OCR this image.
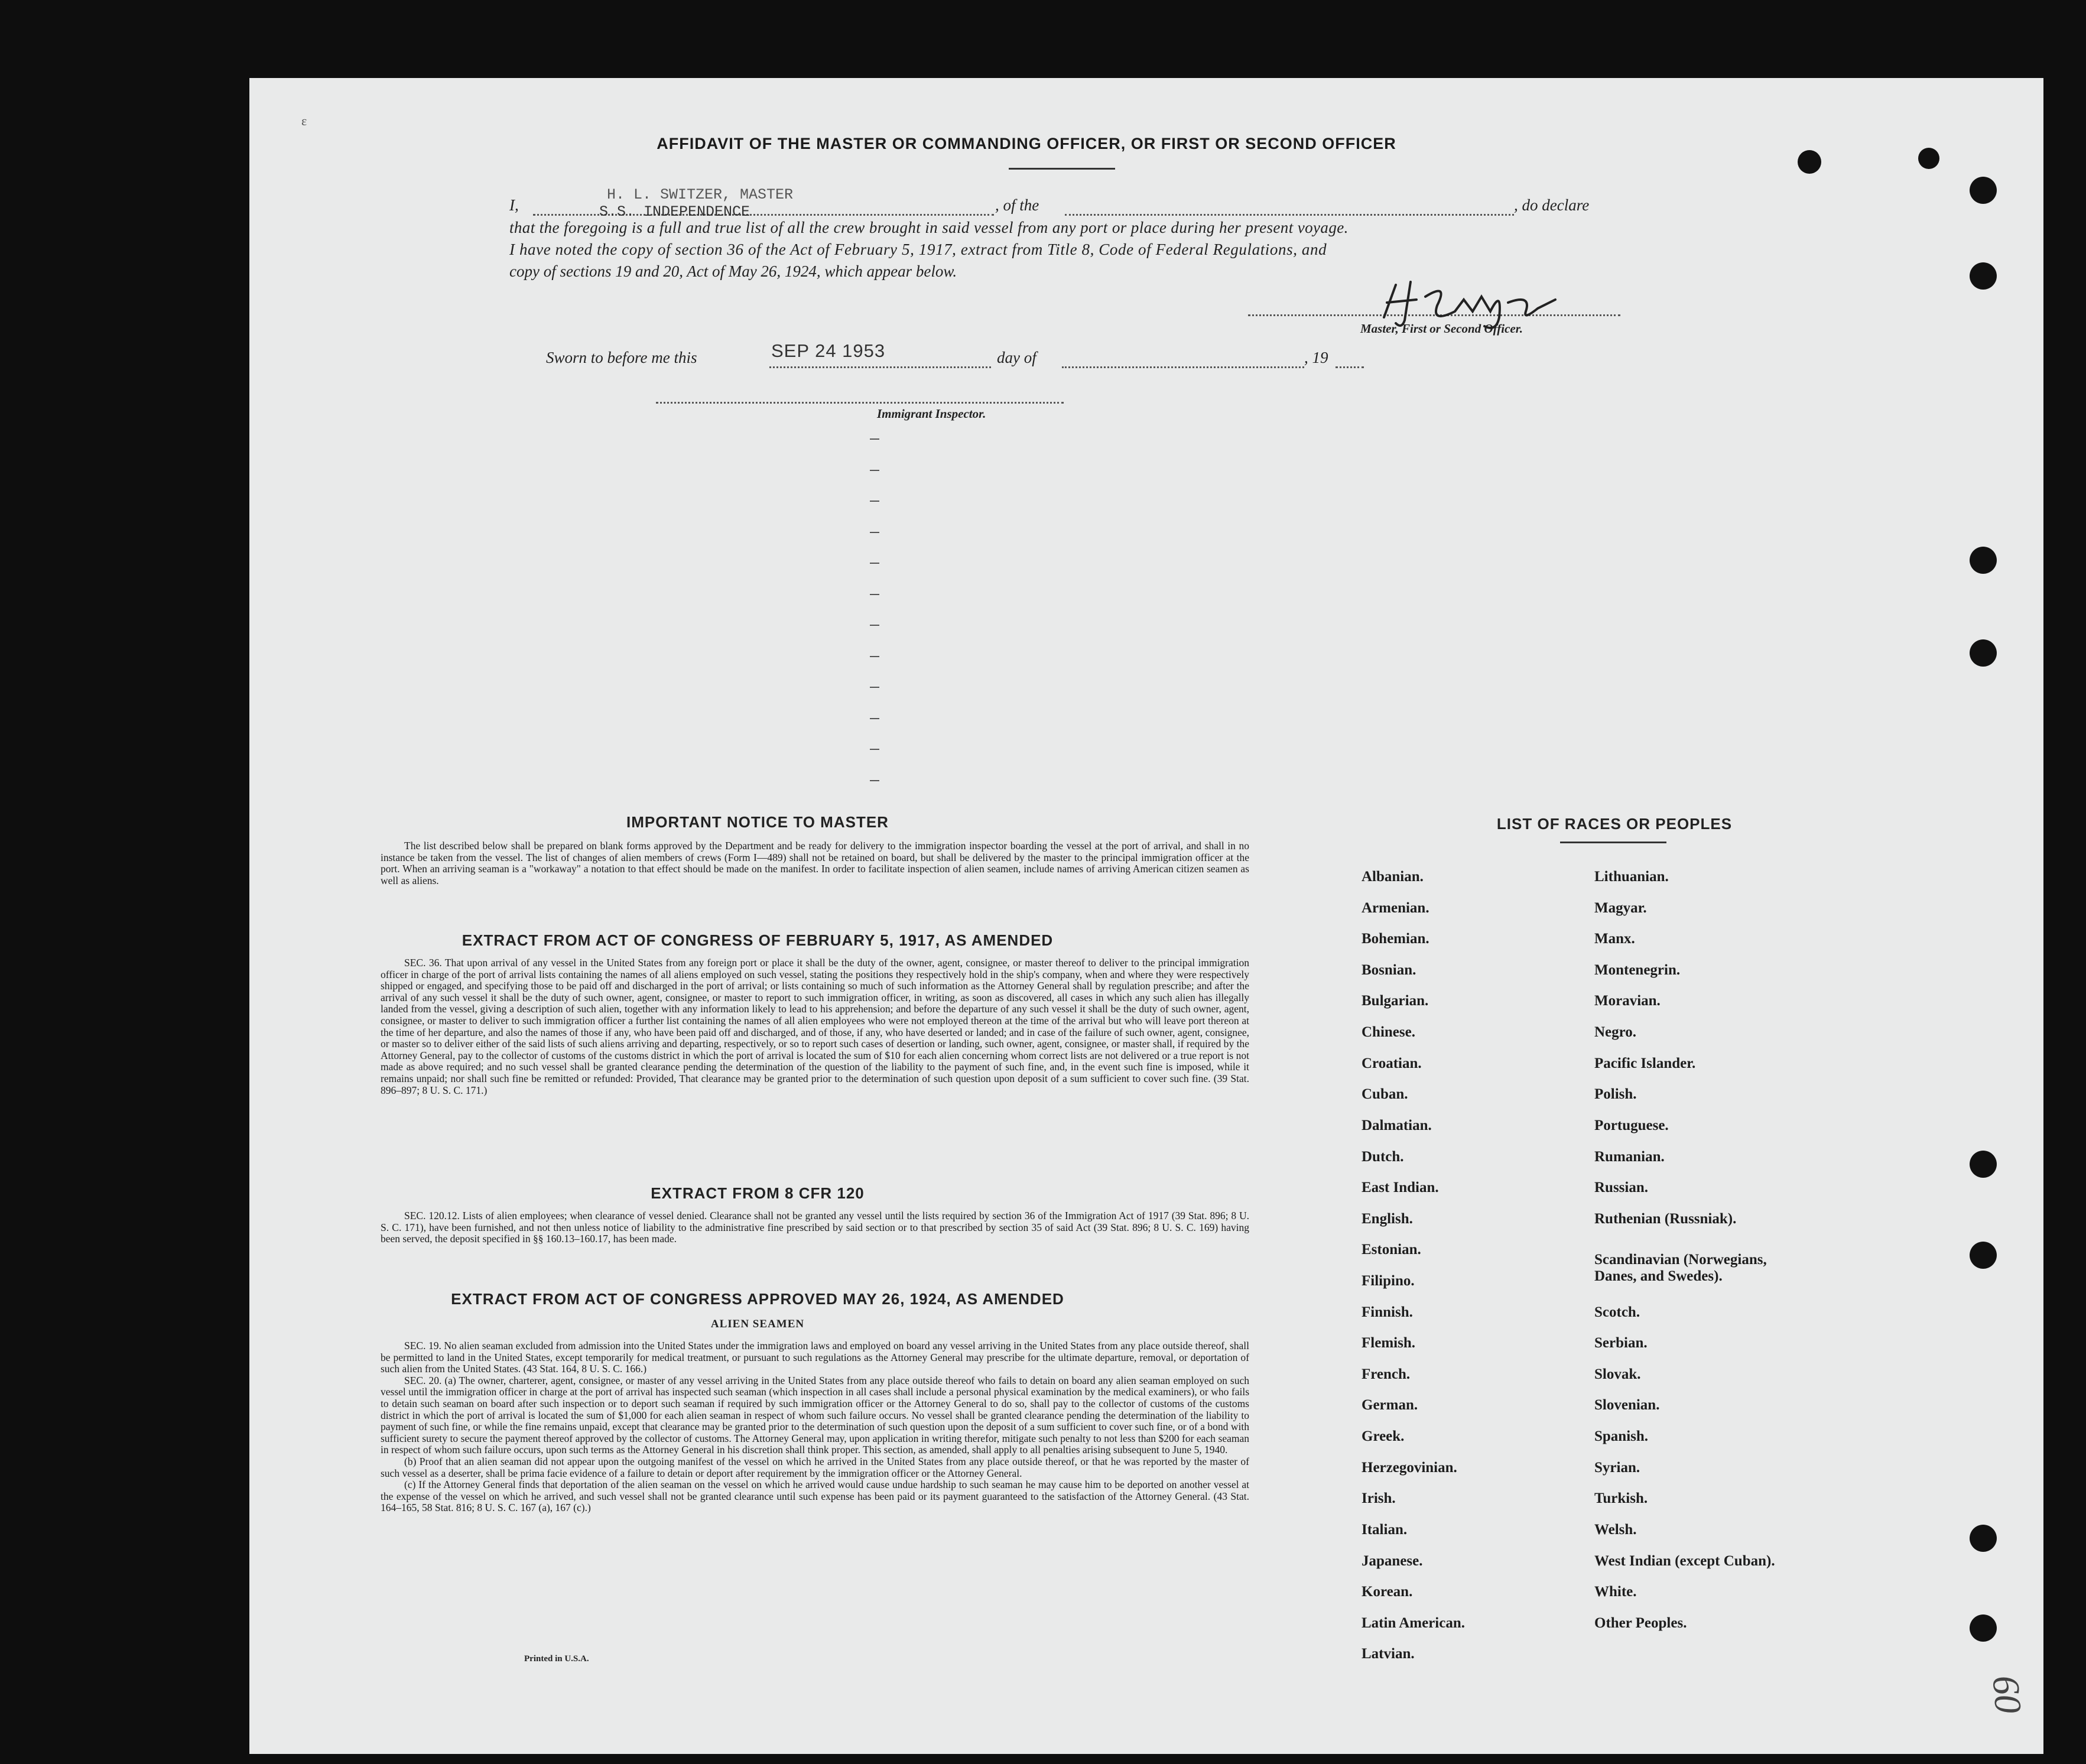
ε
AFFIDAVIT OF THE MASTER OR COMMANDING OFFICER, OR FIRST OR SECOND OFFICER
I,
H. L. SWITZER, MASTER
S.S. INDEPENDENCE	, of the	, do declare
that the foregoing is a full and true list of all the crew brought in said vessel from any port or place during her present voyage.
I have noted the copy of section 36 of the Act of February 5, 1917, extract from Title 8, Code of Federal Regulations, and
copy of sections 19 and 20, Act of May 26, 1924, which appear below.
Master, First or Second Officer.
Sworn to before me this	SEP 24 1953	day of	, 19
Immigrant Inspector.
IMPORTANT NOTICE TO MASTER

The list described below shall be prepared on blank forms approved by the Department and be ready for delivery to the immigration inspector boarding the vessel at the port of arrival, and shall in no instance be taken from the vessel. The list of changes of alien members of crews (Form I—489) shall not be retained on board, but shall be delivered by the master to the principal immigration officer at the port. When an arriving seaman is a "workaway" a notation to that effect should be made on the manifest. In order to facilitate inspection of alien seamen, include names of arriving American citizen seamen as well as aliens.

EXTRACT FROM ACT OF CONGRESS OF FEBRUARY 5, 1917, AS AMENDED

SEC. 36. That upon arrival of any vessel in the United States from any foreign port or place it shall be the duty of the owner, agent, consignee, or master thereof to deliver to the principal immigration officer in charge of the port of arrival lists containing the names of all aliens employed on such vessel, stating the positions they respectively hold in the ship's company, when and where they were respectively shipped or engaged, and specifying those to be paid off and discharged in the port of arrival; or lists containing so much of such information as the Attorney General shall by regulation prescribe; and after the arrival of any such vessel it shall be the duty of such owner, agent, consignee, or master to report to such immigration officer, in writing, as soon as discovered, all cases in which any such alien has illegally landed from the vessel, giving a description of such alien, together with any information likely to lead to his apprehension; and before the departure of any such vessel it shall be the duty of such owner, agent, consignee, or master to deliver to such immigration officer a further list containing the names of all alien employees who were not employed thereon at the time of the arrival but who will leave port thereon at the time of her departure, and also the names of those if any, who have been paid off and discharged, and of those, if any, who have deserted or landed; and in case of the failure of such owner, agent, consignee, or master so to deliver either of the said lists of such aliens arriving and departing, respectively, or so to report such cases of desertion or landing, such owner, agent, consignee, or master shall, if required by the Attorney General, pay to the collector of customs of the customs district in which the port of arrival is located the sum of $10 for each alien concerning whom correct lists are not delivered or a true report is not made as above required; and no such vessel shall be granted clearance pending the determination of the question of the liability to the payment of such fine, and, in the event such fine is imposed, while it remains unpaid; nor shall such fine be remitted or refunded: Provided, That clearance may be granted prior to the determination of such question upon deposit of a sum sufficient to cover such fine. (39 Stat. 896–897; 8 U. S. C. 171.)

EXTRACT FROM 8 CFR 120

SEC. 120.12. Lists of alien employees; when clearance of vessel denied. Clearance shall not be granted any vessel until the lists required by section 36 of the Immigration Act of 1917 (39 Stat. 896; 8 U. S. C. 171), have been furnished, and not then unless notice of liability to the administrative fine prescribed by said section or to that prescribed by section 35 of said Act (39 Stat. 896; 8 U. S. C. 169) having been served, the deposit specified in §§ 160.13–160.17, has been made.

EXTRACT FROM ACT OF CONGRESS APPROVED MAY 26, 1924, AS AMENDED
ALIEN SEAMEN

SEC. 19. No alien seaman excluded from admission into the United States under the immigration laws and employed on board any vessel arriving in the United States from any place outside thereof, shall be permitted to land in the United States, except temporarily for medical treatment, or pursuant to such regulations as the Attorney General may prescribe for the ultimate departure, removal, or deportation of such alien from the United States. (43 Stat. 164, 8 U. S. C. 166.)

SEC. 20. (a) The owner, charterer, agent, consignee, or master of any vessel arriving in the United States from any place outside thereof who fails to detain on board any alien seaman employed on such vessel until the immigration officer in charge at the port of arrival has inspected such seaman (which inspection in all cases shall include a personal physical examination by the medical examiners), or who fails to detain such seaman on board after such inspection or to deport such seaman if required by such immigration officer or the Attorney General to do so, shall pay to the collector of customs of the customs district in which the port of arrival is located the sum of $1,000 for each alien seaman in respect of whom such failure occurs. No vessel shall be granted clearance pending the determination of the liability to payment of such fine, or while the fine remains unpaid, except that clearance may be granted prior to the determination of such question upon the deposit of a sum sufficient to cover such fine, or of a bond with sufficient surety to secure the payment thereof approved by the collector of customs. The Attorney General may, upon application in writing therefor, mitigate such penalty to not less than $200 for each seaman in respect of whom such failure occurs, upon such terms as the Attorney General in his discretion shall think proper. This section, as amended, shall apply to all penalties arising subsequent to June 5, 1940.

(b) Proof that an alien seaman did not appear upon the outgoing manifest of the vessel on which he arrived in the United States from any place outside thereof, or that he was reported by the master of such vessel as a deserter, shall be prima facie evidence of a failure to detain or deport after requirement by the immigration officer or the Attorney General.

(c) If the Attorney General finds that deportation of the alien seaman on the vessel on which he arrived would cause undue hardship to such seaman he may cause him to be deported on another vessel at the expense of the vessel on which he arrived, and such vessel shall not be granted clearance until such expense has been paid or its payment guaranteed to the satisfaction of the Attorney General. (43 Stat. 164–165, 58 Stat. 816; 8 U. S. C. 167 (a), 167 (c).)

Printed in U.S.A.
LIST OF RACES OR PEOPLES
Albanian.
Armenian.
Bohemian.
Bosnian.
Bulgarian.
Chinese.
Croatian.
Cuban.
Dalmatian.
Dutch.
East Indian.
English.
Estonian.
Filipino.
Finnish.
Flemish.
French.
German.
Greek.
Herzegovinian.
Irish.
Italian.
Japanese.
Korean.
Latin American.
Latvian.
Lithuanian.
Magyar.
Manx.
Montenegrin.
Moravian.
Negro.
Pacific Islander.
Polish.
Portuguese.
Rumanian.
Russian.
Ruthenian (Russniak).
Scandinavian (Norwegians, Danes, and Swedes).
Scotch.
Serbian.
Slovak.
Slovenian.
Spanish.
Syrian.
Turkish.
Welsh.
West Indian (except Cuban).
White.
Other Peoples.
09
